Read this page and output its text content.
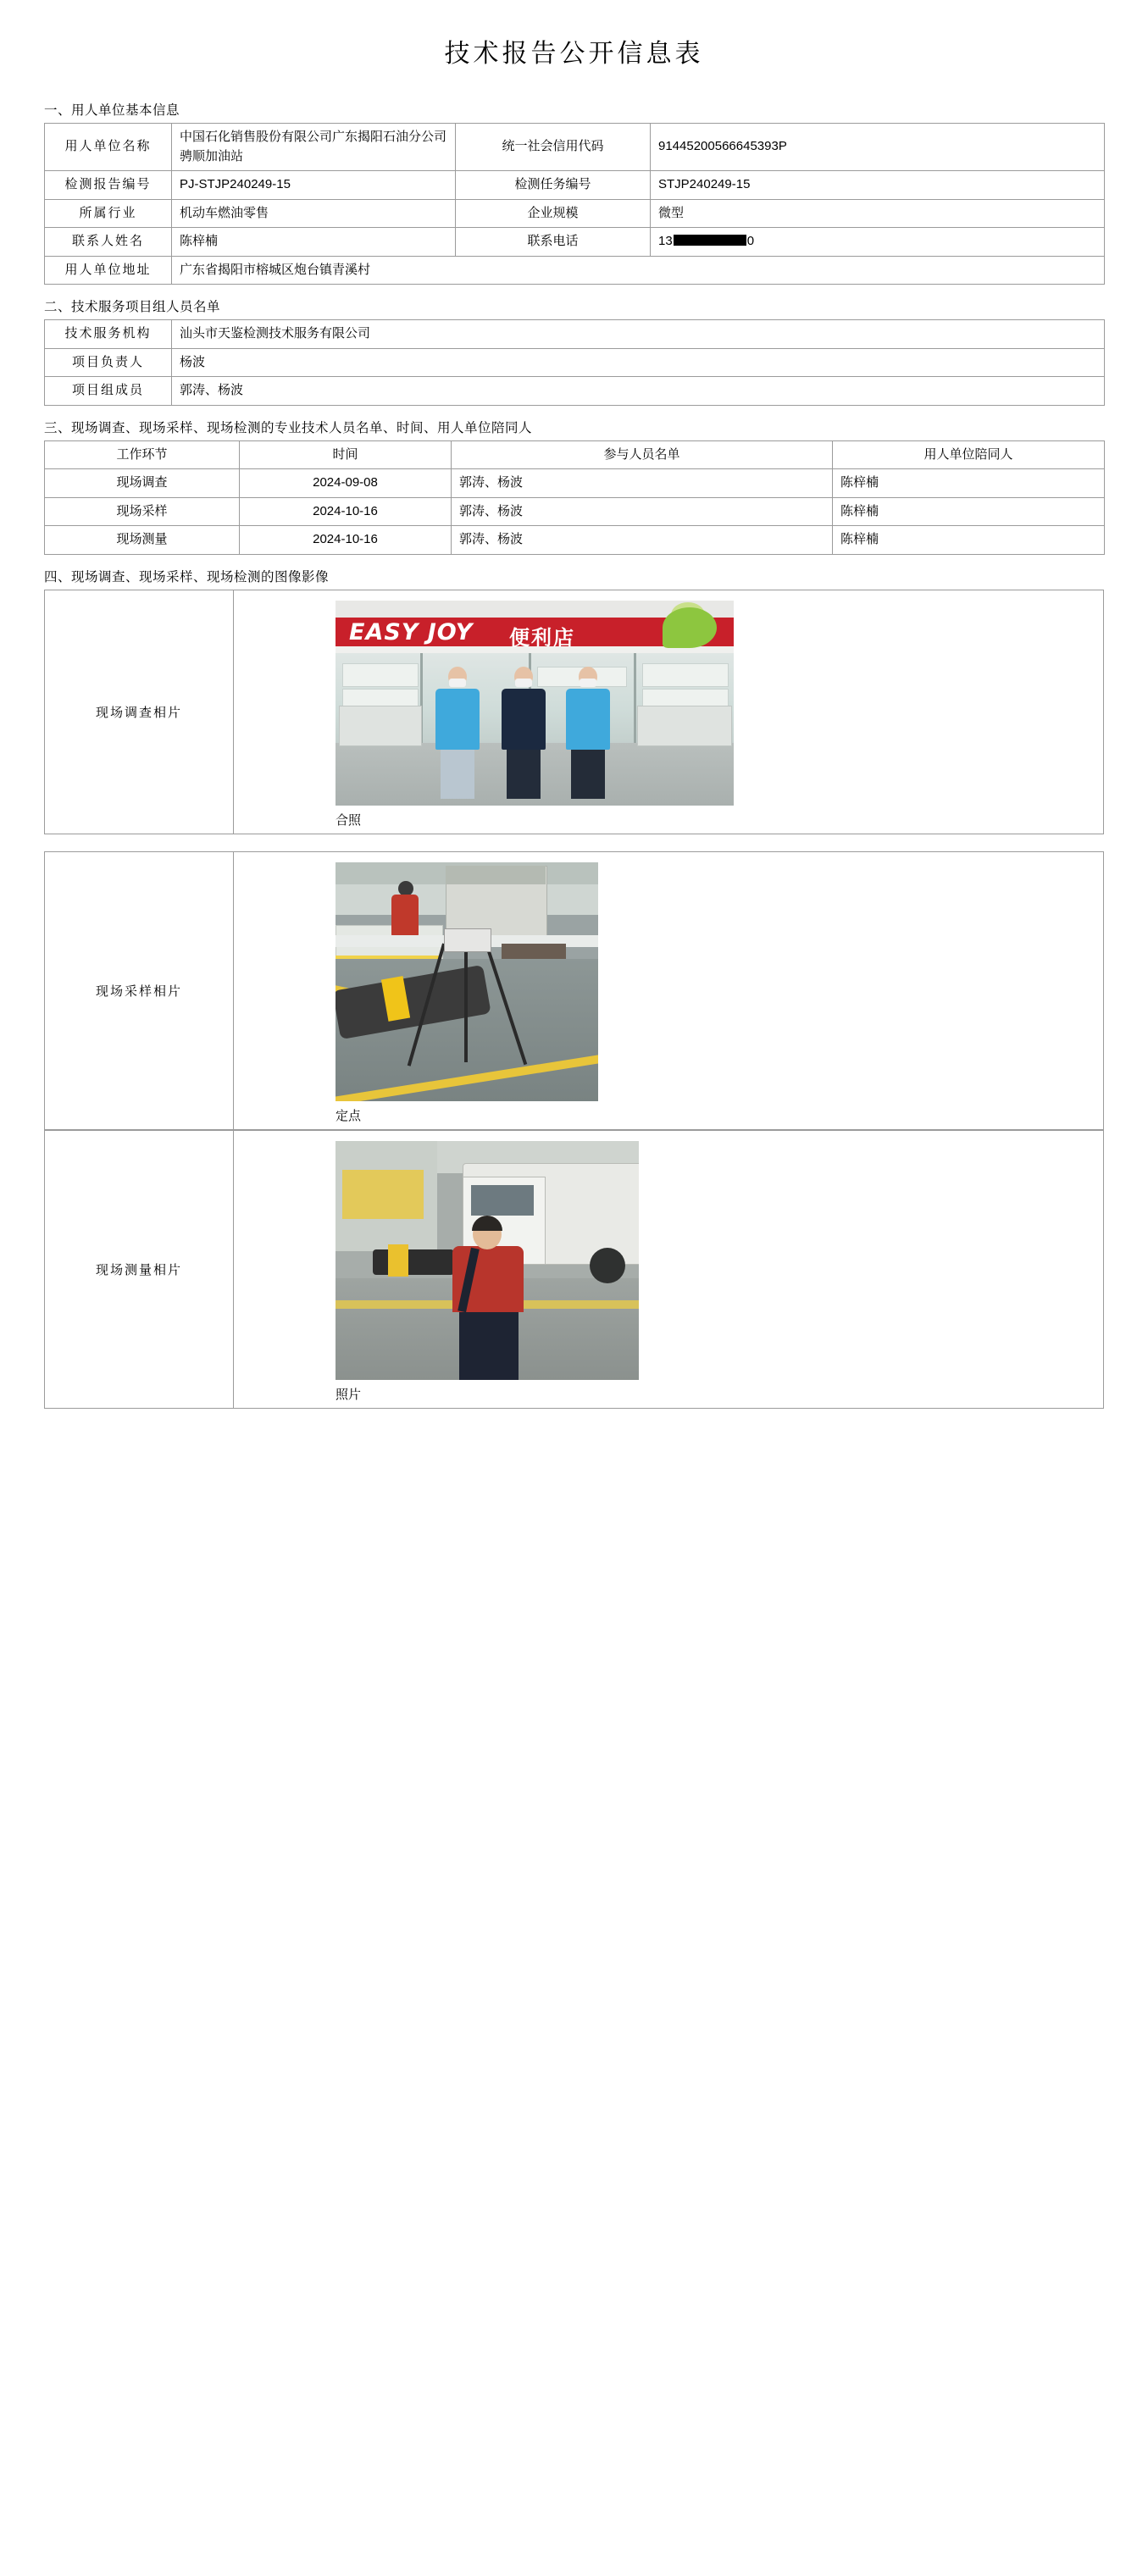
技术报告公开信息表
一、用人单位基本信息
用人单位名称	中国石化销售股份有限公司广东揭阳石油分公司骋顺加油站	统一社会信用代码	91445200566645393P
检测报告编号	PJ-STJP240249-15	检测任务编号	STJP240249-15
所属行业	机动车燃油零售	企业规模	微型
联系人姓名	陈梓楠	联系电话	13 0
用人单位地址	广东省揭阳市榕城区炮台镇青溪村		
二、技术服务项目组人员名单
技术服务机构	汕头市天鉴检测技术服务有限公司
项目负责人	杨波
项目组成员	郭涛、杨波
三、现场调查、现场采样、现场检测的专业技术人员名单、时间、用人单位陪同人
工作环节	时间	参与人员名单	用人单位陪同人
现场调查	2024-09-08	郭涛、杨波	陈梓楠
现场采样	2024-10-16	郭涛、杨波	陈梓楠
现场测量	2024-10-16	郭涛、杨波	陈梓楠
四、现场调查、现场采样、现场检测的图像影像
现场调查相片	
EASY JOY 便利店
合照
现场采样相片	
定点
现场测量相片	
照片
